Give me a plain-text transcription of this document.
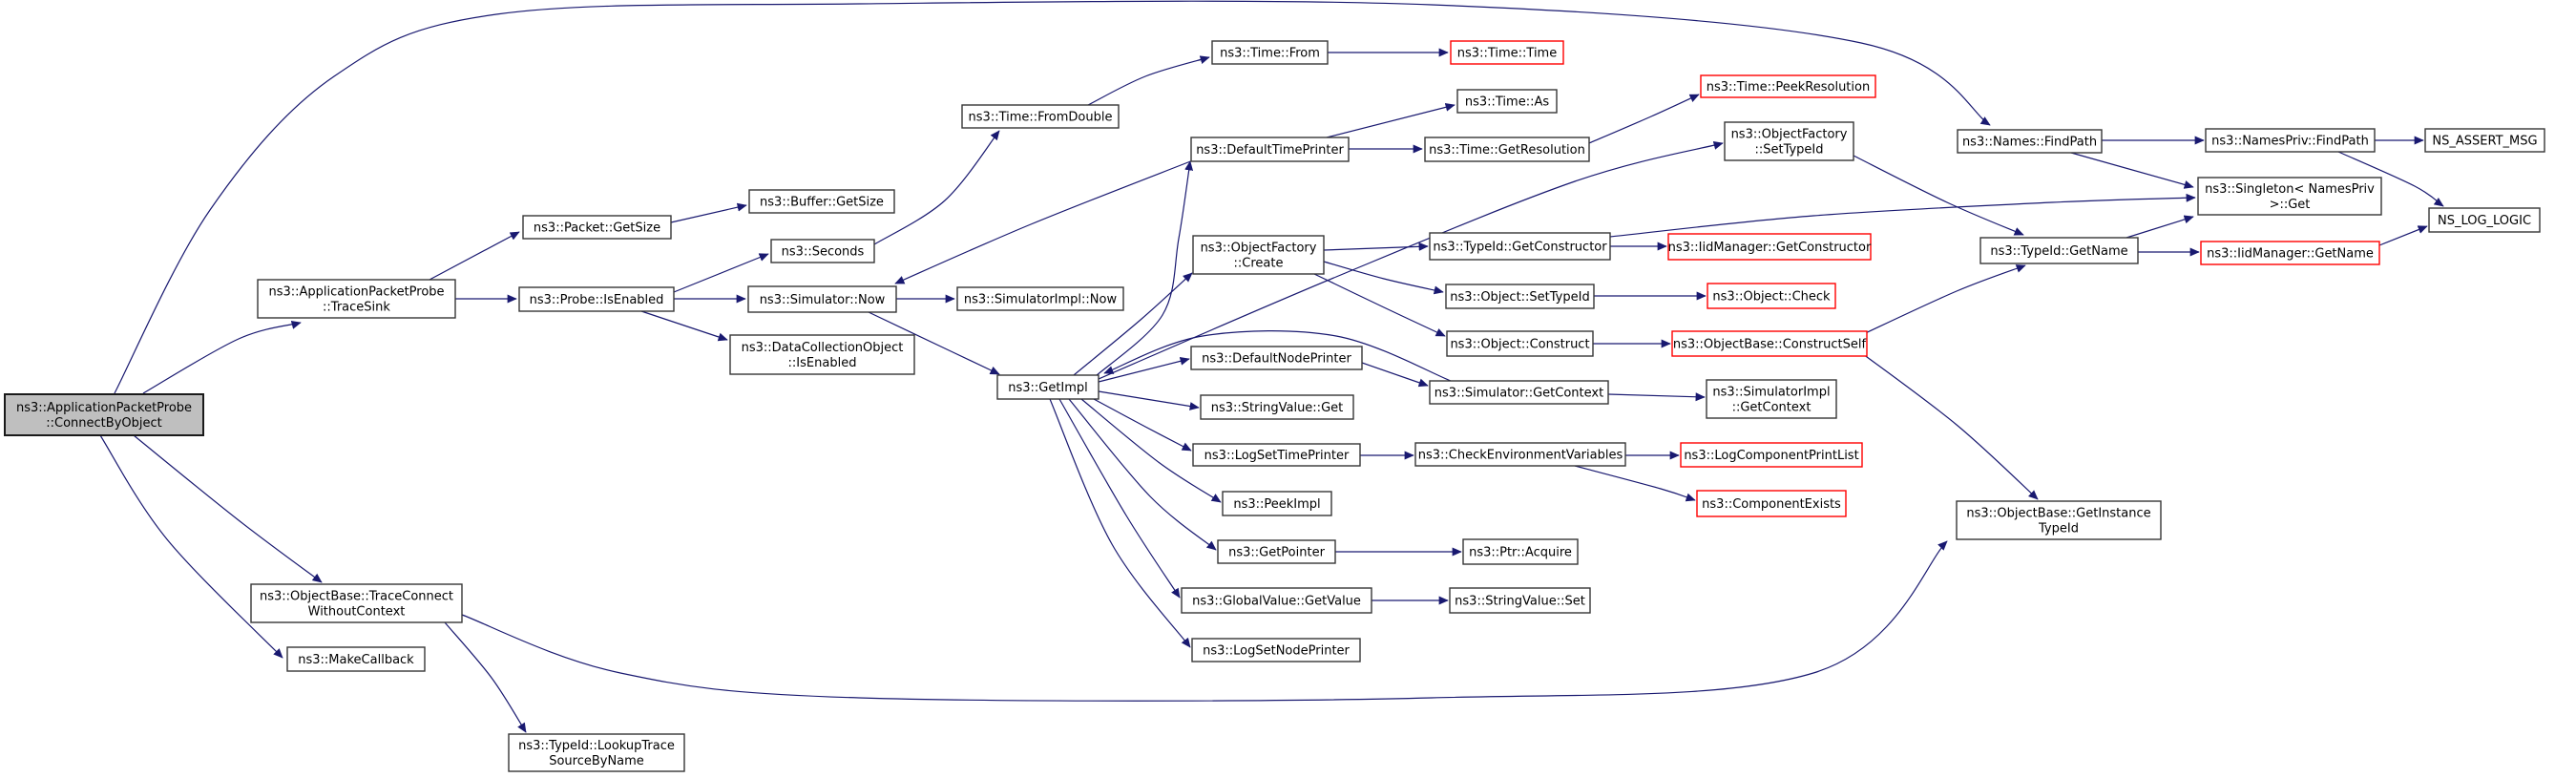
ns3::ApplicationPacketProbe
::ConnectByObject
ns3::ApplicationPacketProbe
::TraceSink
ns3::Packet::GetSize
ns3::Buffer::GetSize
ns3::Seconds
ns3::Probe::IsEnabled	ns3::Simulator::Now
ns3::DataCollectionObject
::IsEnabled
ns3::SimulatorImpl::Now
ns3::Time::FromDouble
ns3::Time::From	ns3::Time::Time
ns3::Time::As
ns3::DefaultTimePrinter	ns3::Time::GetResolution
ns3::Time::PeekResolution
ns3::ObjectFactory
::SetTypeId
ns3::Names::FindPath	ns3::NamesPriv::FindPath	NS_ASSERT_MSG
ns3::Singleton< NamesPriv
>::Get
NS_LOG_LOGIC
ns3::IidManager::GetName
ns3::TypeId::GetName
ns3::ObjectFactory
::Create
ns3::TypeId::GetConstructor	ns3::IidManager::GetConstructor
ns3::Object::SetTypeId	ns3::Object::Check
ns3::Object::Construct	ns3::ObjectBase::ConstructSelf
ns3::GetImpl
ns3::DefaultNodePrinter
ns3::StringValue::Get
ns3::LogSetTimePrinter
ns3::PeekImpl
ns3::GetPointer
ns3::GlobalValue::GetValue
ns3::LogSetNodePrinter
ns3::Simulator::GetContext	ns3::SimulatorImpl
::GetContext
ns3::CheckEnvironmentVariables	ns3::LogComponentPrintList
ns3::ComponentExists
ns3::Ptr::Acquire
ns3::StringValue::Set
ns3::ObjectBase::GetInstance
TypeId
ns3::ObjectBase::TraceConnect
WithoutContext
ns3::MakeCallback
ns3::TypeId::LookupTrace
SourceByName
